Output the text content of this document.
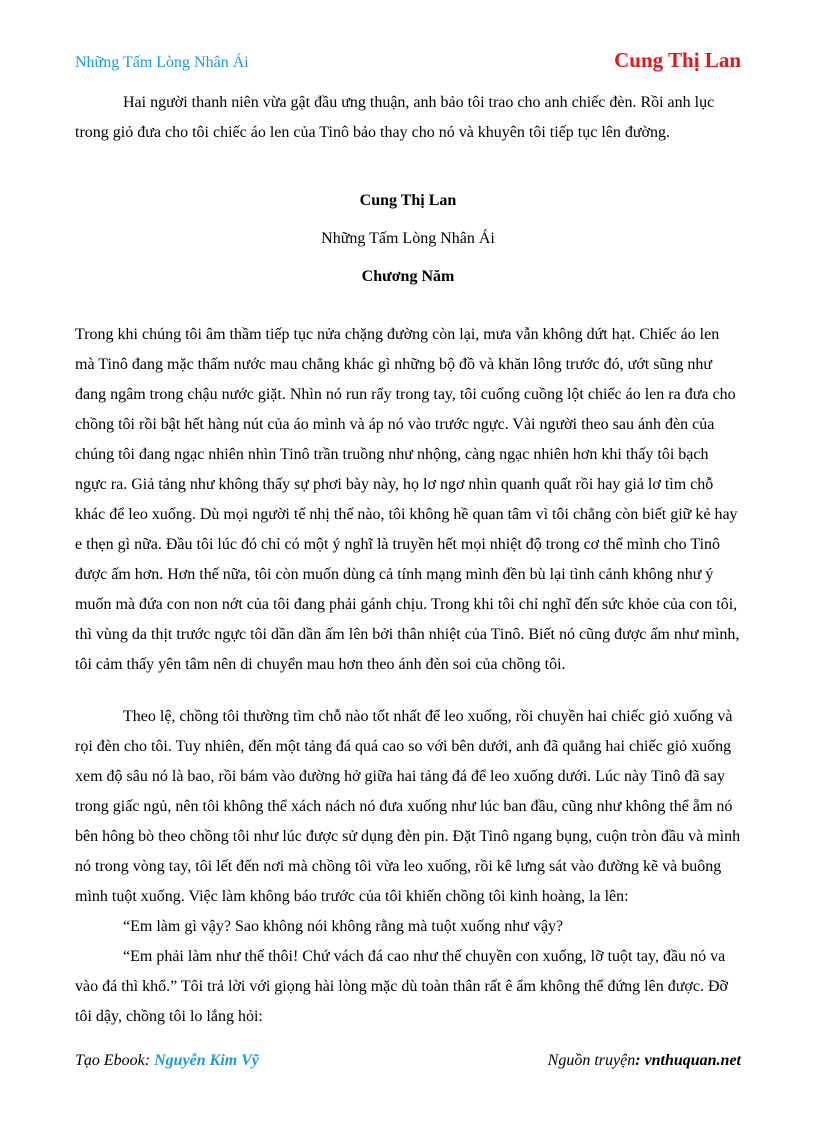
Những Tấm Lòng Nhân Ái	Cung Thị Lan

Hai người thanh niên vừa gật đầu ưng thuận, anh bảo tôi trao cho anh chiếc đèn. Rồi anh lục trong giỏ đưa cho tôi chiếc áo len của Tinô bảo thay cho nó và khuyên tôi tiếp tục lên đường.

Cung Thị Lan

Những Tấm Lòng Nhân Ái

Chương Năm

Trong khi chúng tôi âm thầm tiếp tục nửa chặng đường còn lại, mưa vẫn không dứt hạt. Chiếc áo len mà Tinô đang mặc thấm nước mau chẳng khác gì những bộ đồ và khăn lông trước đó, ướt sũng như đang ngâm trong chậu nước giặt. Nhìn nó run rẩy trong tay, tôi cuống cuồng lột chiếc áo len ra đưa cho chồng tôi rồi bật hết hàng nút của áo mình và áp nó vào trước ngực. Vài người theo sau ánh đèn của chúng tôi đang ngạc nhiên nhìn Tinô trần truồng như nhộng, càng ngạc nhiên hơn khi thấy tôi bạch ngực ra. Giả tảng như không thấy sự phơi bày này, họ lơ ngơ nhìn quanh quất rồi hay giả lơ tìm chỗ khác để leo xuống. Dù mọi người tế nhị thế nào, tôi không hề quan tâm vì tôi chẳng còn biết giữ kẻ hay e thẹn gì nữa. Đầu tôi lúc đó chỉ có một ý nghĩ là truyền hết mọi nhiệt độ trong cơ thể mình cho Tinô được ấm hơn. Hơn thế nữa, tôi còn muốn dùng cả tính mạng mình đền bù lại tình cảnh không như ý muốn mà đứa con non nớt của tôi đang phải gánh chịu. Trong khi tôi chỉ nghĩ đến sức khỏe của con tôi, thì vùng da thịt trước ngực tôi dần dần ấm lên bởi thân nhiệt của Tinô. Biết nó cũng được ấm như mình, tôi cảm thấy yên tâm nên di chuyển mau hơn theo ánh đèn soi của chồng tôi.

Theo lệ, chồng tôi thường tìm chỗ nào tốt nhất để leo xuống, rồi chuyền hai chiếc giỏ xuống và rọi đèn cho tôi. Tuy nhiên, đến một tảng đá quá cao so với bên dưới, anh đã quẳng hai chiếc giỏ xuống xem độ sâu nó là bao, rồi bám vào đường hở giữa hai tảng đá để leo xuống dưới. Lúc này Tinô đã say trong giấc ngủ, nên tôi không thể xách nách nó đưa xuống như lúc ban đầu, cũng như không thể ẵm nó bên hông bò theo chồng tôi như lúc được sử dụng đèn pin. Đặt Tinô ngang bụng, cuộn tròn đầu và mình nó trong vòng tay, tôi lết đến nơi mà chồng tôi vừa leo xuống, rồi kê lưng sát vào đường kẽ và buông mình tuột xuống. Việc làm không báo trước của tôi khiến chồng tôi kinh hoàng, la lên:

“Em làm gì vậy? Sao không nói không rằng mà tuột xuống như vậy?

“Em phải làm như thế thôi! Chứ vách đá cao như thế chuyền con xuống, lỡ tuột tay, đầu nó va vào đá thì khổ.” Tôi trả lời với giọng hài lòng mặc dù toàn thân rất ê ẩm không thể đứng lên được. Đỡ tôi dậy, chồng tôi lo lắng hỏi:

Tạo Ebook: Nguyễn Kim Vỹ	Nguồn truyện: vnthuquan.net
